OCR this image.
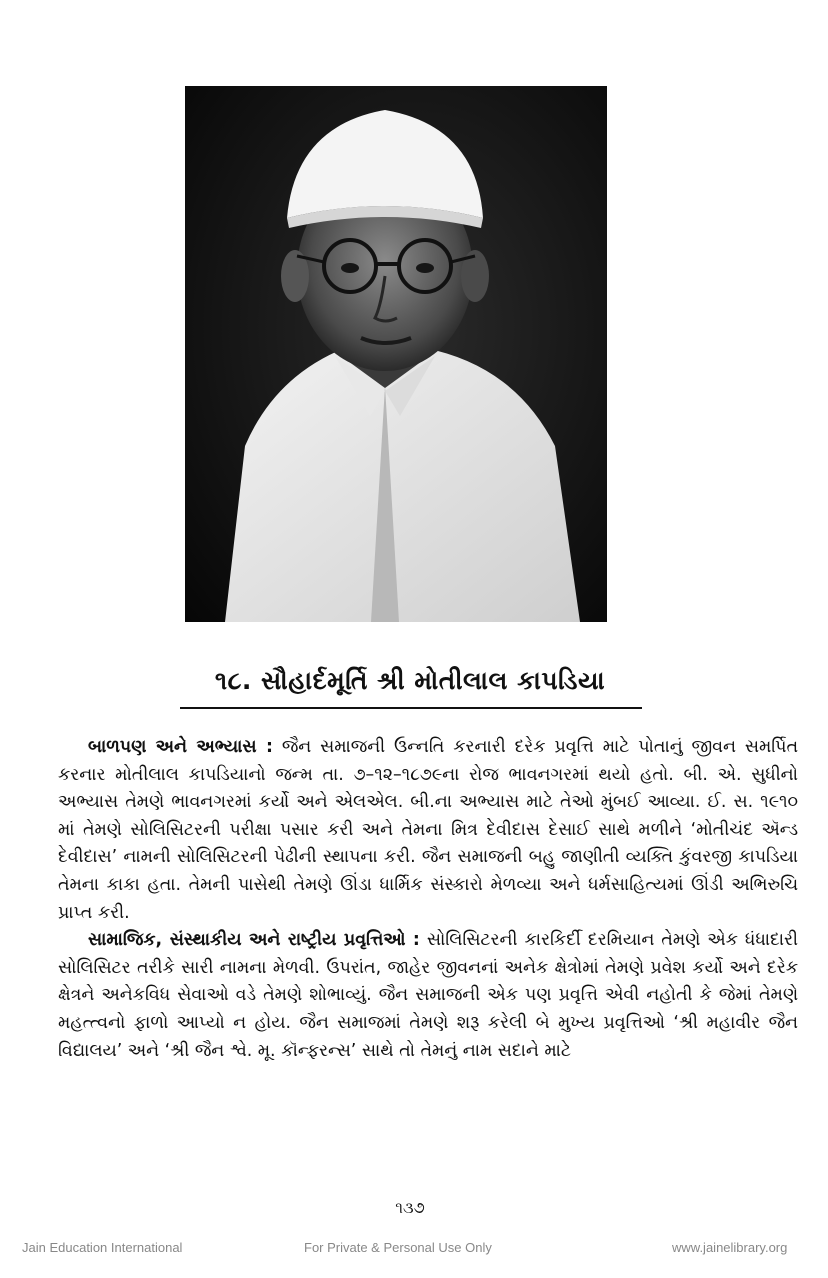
૧૮. સૌહાર્દમૂર્તિ શ્રી મોતીલાલ કાપડિયા

બાળપણ અને અભ્યાસ : જૈન સમાજની ઉન્નતિ કરનારી દરેક પ્રવૃત્તિ માટે પોતાનું જીવન સમર્પિત કરનાર મોતીલાલ કાપડિયાનો જન્મ તા. ૭–૧૨–૧૮૭૯ના રોજ ભાવનગરમાં થયો હતો. બી. એ. સુધીનો અભ્યાસ તેમણે ભાવનગરમાં કર્યો અને એલએલ. બી.ના અભ્યાસ માટે તેઓ મુંબઈ આવ્યા. ઈ. સ. ૧૯૧૦ માં તેમણે સોલિસિટરની પરીક્ષા પસાર કરી અને તેમના મિત્ર દેવીદાસ દેસાઈ સાથે મળીને ‘મોતીચંદ ઍન્ડ દેવીદાસ’ નામની સોલિસિટરની પેઢીની સ્થાપના કરી. જૈન સમાજની બહુ જાણીતી વ્યક્તિ કુંવરજી કાપડિયા તેમના કાકા હતા. તેમની પાસેથી તેમણે ઊંડા ધાર્મિક સંસ્કારો મેળવ્યા અને ધર્મસાહિત્યમાં ઊંડી અભિરુચિ પ્રાપ્ત કરી.

સામાજિક, સંસ્થાકીય અને રાષ્ટ્રીય પ્રવૃત્તિઓ : સોલિસિટરની કારકિર્દી દરમિયાન તેમણે એક ધંધાદારી સોલિસિટર તરીકે સારી નામના મેળવી. ઉપરાંત, જાહેર જીવનનાં અનેક ક્ષેત્રોમાં તેમણે પ્રવેશ કર્યો અને દરેક ક્ષેત્રને અનેકવિધ સેવાઓ વડે તેમણે શોભાવ્યું. જૈન સમાજની એક પણ પ્રવૃત્તિ એવી નહોતી કે જેમાં તેમણે મહત્ત્વનો ફાળો આપ્યો ન હોય. જૈન સમાજમાં તેમણે શરૂ કરેલી બે મુખ્ય પ્રવૃત્તિઓ ‘શ્રી મહાવીર જૈન વિદ્યાલય’ અને ‘શ્રી જૈન શ્વે. મૂ. કૉન્ફરન્સ’ સાથે તો તેમનું નામ સદાને માટે

૧૩૭
Jain Education International	For Private & Personal Use Only	www.jainelibrary.org
